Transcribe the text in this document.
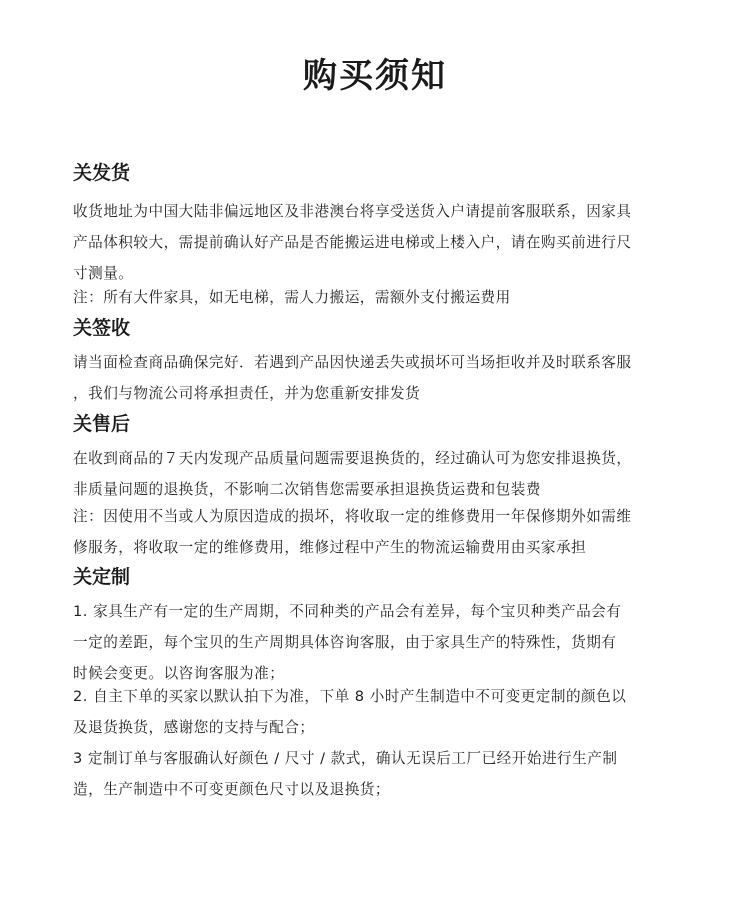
购买须知
关发货
收货地址为中国大陆非偏远地区及非港澳台将享受送货入户请提前客服联系，因家具
产品体积较大，需提前确认好产品是否能搬运进电梯或上楼入户，请在购买前进行尺
寸测量。
注：所有大件家具，如无电梯，需人力搬运，需额外支付搬运费用
关签收
请当面检查商品确保完好．若遇到产品因快递丢失或损坏可当场拒收并及时联系客服
，我们与物流公司将承担责任，并为您重新安排发货
关售后
在收到商品的７天内发现产品质量问题需要退换货的，经过确认可为您安排退换货，
非质量问题的退换货，不影响二次销售您需要承担退换货运费和包装费
注：因使用不当或人为原因造成的损坏，将收取一定的维修费用一年保修期外如需维
修服务，将收取一定的维修费用，维修过程中产生的物流运输费用由买家承担
关定制
1. 家具生产有一定的生产周期，不同种类的产品会有差异，每个宝贝种类产品会有
一定的差距，每个宝贝的生产周期具体咨询客服，由于家具生产的特殊性，货期有
时候会变更。以咨询客服为准；
2. 自主下单的买家以默认拍下为准，下单 8 小时产生制造中不可变更定制的颜色以
及退货换货，感谢您的支持与配合；
3 定制订单与客服确认好颜色 / 尺寸 / 款式，确认无误后工厂已经开始进行生产制
造，生产制造中不可变更颜色尺寸以及退换货；
